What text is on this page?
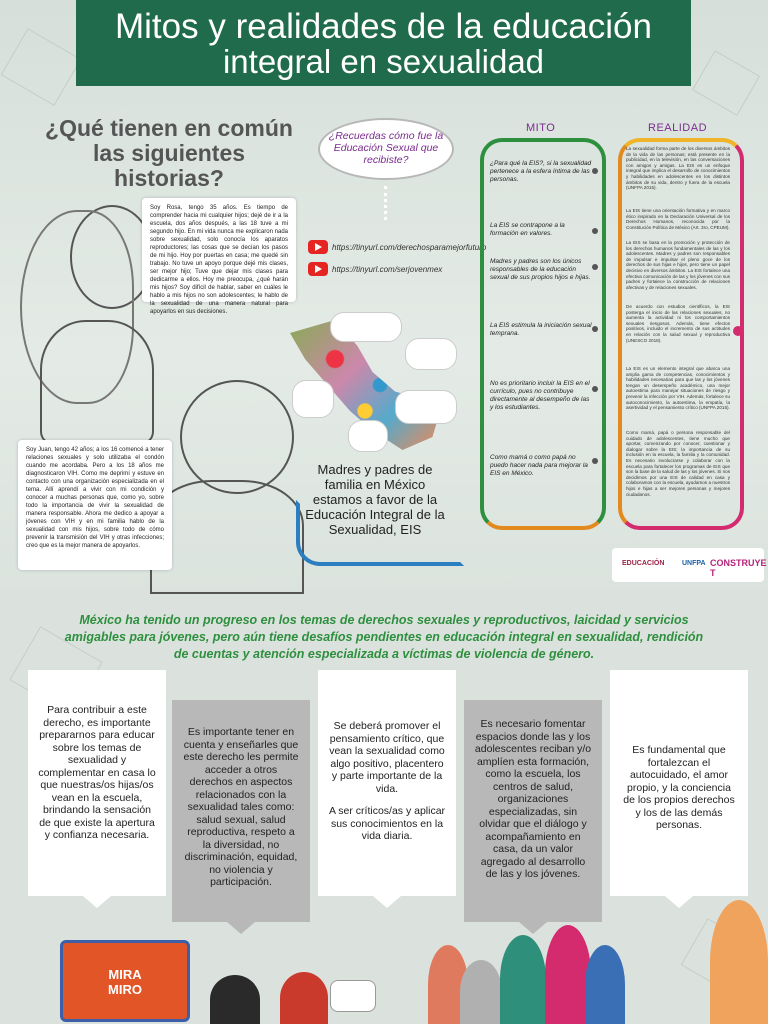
Mitos y realidades de la educación
integral en sexualidad
¿Qué tienen en común las siguientes historias?
Soy Rosa, tengo 35 años. Es tiempo de comprender hacia mi cualquier hijos; dejé de ir a la escuela, dos años después, a las 18 tuve a mi segundo hijo. En mi vida nunca me explicaron nada sobre sexualidad, solo conocía los aparatos reproductores; las cosas que se decían los pasos de mi hijo. Hoy por puertas en casa; me quedé sin trabajo. No tuve un apoyo porque dejé mis clases, ser mejor hijo; Tuve que dejar mis clases para dedicarme a ellos. Hoy me preocupa, ¿qué harán mis hijos? Soy difícil de hablar, saber en cuáles le hablo a mis hijos no son adolescentes; le hablo de la sexualidad de una manera natural para apoyarlos en sus decisiones.
Soy Juan, tengo 42 años; a los 16 comencé a tener relaciones sexuales y solo utilizaba el condón cuando me acordaba. Pero a los 18 años me diagnosticaron VIH. Como me deprimí y estuve en contacto con una organización especializada en el tema. Allí aprendí a vivir con mi condición y conocer a muchas personas que, como yo, sobre todo la importancia de vivir la sexualidad de manera responsable. Ahora me dedico a apoyar a jóvenes con VIH y en mi familia hablo de la sexualidad con mis hijos, sobre todo de cómo prevenir la transmisión del VIH y otras infecciones; creo que es la mejor manera de apoyarlos.
¿Recuerdas cómo fue la Educación Sexual que recibiste?
https://tinyurl.com/derechosparamejorfuturo
https://tinyurl.com/serjovenmex
Madres y padres de familia en México estamos a favor de la Educación Integral de la Sexualidad, EIS
MITO	REALIDAD
¿Para qué la EIS?, si la sexualidad pertenece a la esfera íntima de las personas.
La EIS se contrapone a la formación en valores.
Madres y padres son los únicos responsables de la educación sexual de sus propios hijos e hijas.
La EIS estimula la iniciación sexual temprana.
No es prioritario incluir la EIS en el currículo, pues no contribuye directamente al desempeño de las y los estudiantes.
Como mamá o como papá no puedo hacer nada para mejorar la EIS en México.
La sexualidad forma parte de los diversos ámbitos de la vida de las personas; está presente en la publicidad, en la televisión, en las conversaciones con amigos y amigas. La EIS es un enfoque integral que implica el desarrollo de conocimientos y habilidades en adolescentes en los distintos ámbitos de su vida, dentro y fuera de la escuela (UNFPA 2015).
La EIS tiene una orientación formativa y en marco ético inspirado en la Declaración Universal de los Derechos Humanos, reconocida por la Constitución Política de México (Art. 3ro, CPEUM).
La EIS se basa en la promoción y protección de los derechos humanos fundamentales de las y los adolescentes. Madres y padres son responsables de impulsar e impulsar el pleno goce de los derechos de sus hijas e hijos, pero tiene un papel decisivo en diversos ámbitos. La EIS fortalece una efectiva comunicación de las y los jóvenes con sus padres y fortalece la construcción de relaciones afectivas y de relaciones sexuales.
De acuerdo con estudios científicos, la EIS posterga el inicio de las relaciones sexuales, no aumenta la actividad ni los comportamientos sexuales riesgosos. Además, tiene efectos positivos, incluido el incremento de sus actitudes en relación con la salud sexual y reproductiva (UNESCO 2018).
La EIS es un elemento integral que abarca una amplia gama de competencias, conocimientos y habilidades necesarias para que las y los jóvenes tengan un desempeño académico, una mejor autoestima para manejar situaciones de riesgo y prevenir la infección por VIH. Además, fortalece su autoconocimiento, la autoestima, la empatía, la asertividad y el pensamiento crítico (UNFPA 2015).
Como mamá, papá o persona responsable del cuidado de adolescentes, tiene mucho que aportar, comenzando por conocer, cuestionar y dialogar sobre la EIS; la importancia de su inclusión en la escuela, la familia y la comunidad. Es necesario involucrarse y colaborar con la escuela para fortalecer los programas de EIS que son la base de la salud de las y los jóvenes. Si nos decidimos por una EIS de calidad en casa y colaboramos con la escuela, ayudamos a nuestros hijos e hijas a ser mejores personas y mejores ciudadanos.
EDUCACIÓN	UNFPA CONSTRUYE T
México ha tenido un progreso en los temas de derechos sexuales y reproductivos, laicidad y servicios amigables para jóvenes, pero aún tiene desafíos pendientes en educación integral en sexualidad, rendición de cuentas y atención especializada a víctimas de violencia de género.

Para contribuir a este derecho, es importante prepararnos para educar sobre los temas de sexualidad y complementar en casa lo que nuestras/os hijas/os vean en la escuela, brindando la sensación de que existe la apertura y confianza necesaria.

Es importante tener en cuenta y enseñarles que este derecho les permite acceder a otros derechos en aspectos relacionados con la sexualidad tales como: salud sexual, salud reproductiva, respeto a la diversidad, no discriminación, equidad, no violencia y participación.

Se deberá promover el pensamiento crítico, que vean la sexualidad como algo positivo, placentero y parte importante de la vida.

A ser críticos/as y aplicar sus conocimientos en la vida diaria.

Es necesario fomentar espacios donde las y los adolescentes reciban y/o amplíen esta formación, como la escuela, los centros de salud, organizaciones especializadas, sin olvidar que el diálogo y acompañamiento en casa, da un valor agregado al desarrollo de las y los jóvenes.

Es fundamental que fortalezcan el autocuidado, el amor propio, y la conciencia de los propios derechos y los de las demás personas.

MIRA
MIRO
